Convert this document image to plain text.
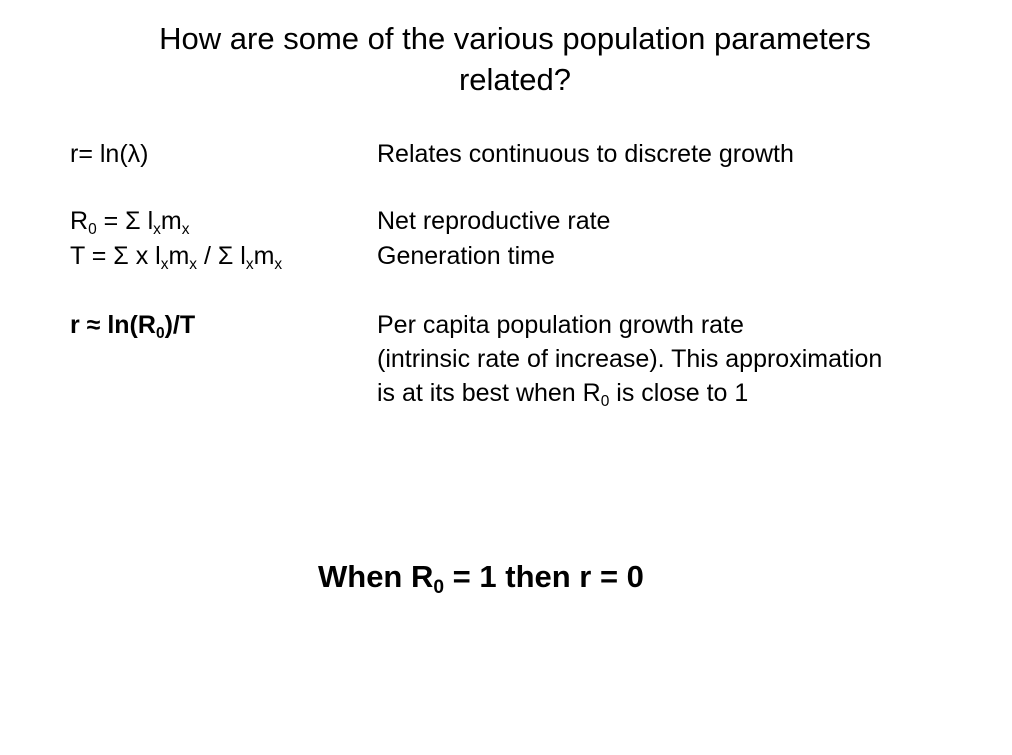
How are some of the various population parameters
related?
r= ln(λ)	Relates continuous to discrete growth
$R_0 = \Sigma$ $l_xm_x$	Net reproductive rate
T = Σ x $l_xm_x$ / Σ $l_xm_x$	Generation time
$r \approx \ln(R_0)/T$	Per capita population growth rate
(intrinsic rate of increase). This approximation
is at its best when $R_0$ is close to 1
When $R_0 = 1$ then r = 0
